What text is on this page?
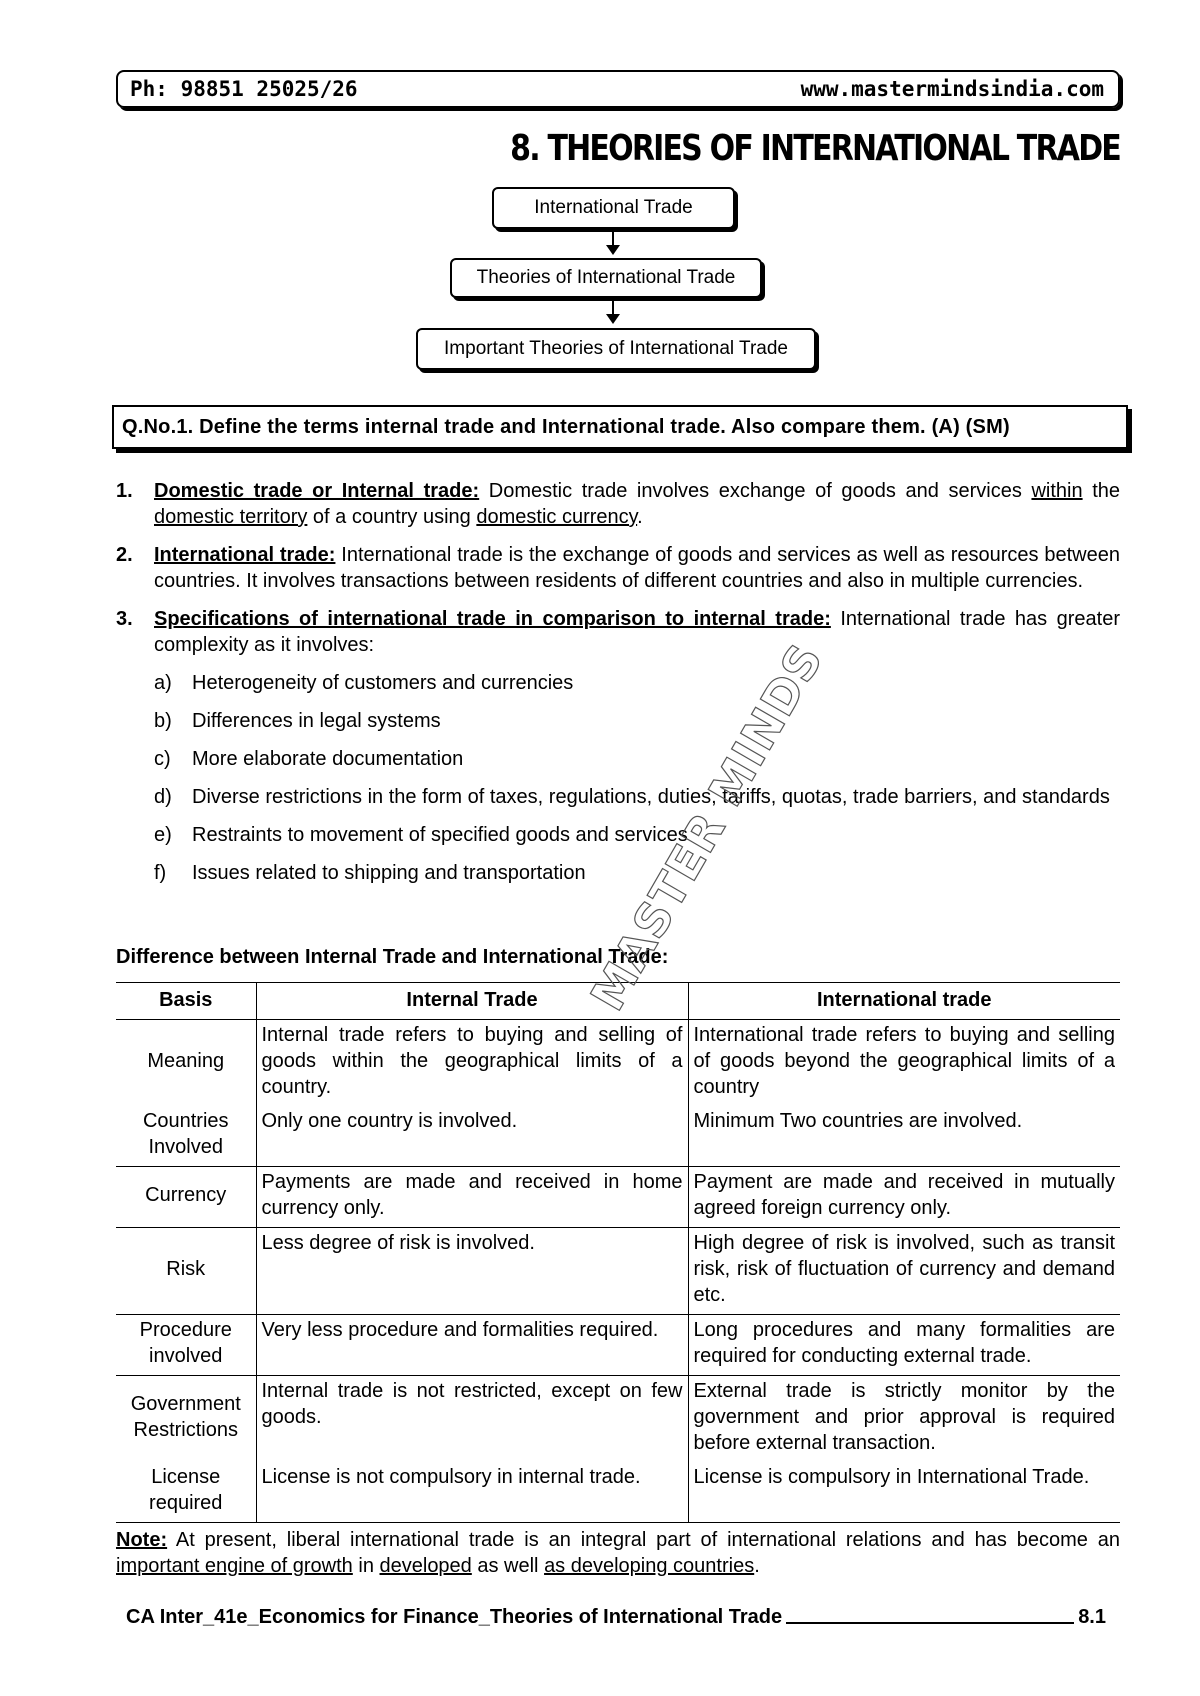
Ph: 98851 25025/26	www.mastermindsindia.com
8. THEORIES OF INTERNATIONAL TRADE
International Trade
Theories of International Trade
Important Theories of International Trade
Q.No.1. Define the terms internal trade and International trade. Also compare them. (A) (SM)
1.	Domestic trade or Internal trade: Domestic trade involves exchange of goods and services within the domestic territory of a country using domestic currency.
2.	International trade: International trade is the exchange of goods and services as well as resources between countries. It involves transactions between residents of different countries and also in multiple currencies.
3.	Specifications of international trade in comparison to internal trade: International trade has greater complexity as it involves:
a)	Heterogeneity of customers and currencies
b)	Differences in legal systems
c)	More elaborate documentation
d)	Diverse restrictions in the form of taxes, regulations, duties, tariffs, quotas, trade barriers, and standards
e)	Restraints to movement of specified goods and services
f)	Issues related to shipping and transportation
Difference between Internal Trade and International Trade:
Basis	Internal Trade	International trade
Meaning	Internal trade refers to buying and selling of goods within the geographical limits of a country.	International trade refers to buying and selling of goods beyond the geographical limits of a country
Countries Involved	Only one country is involved.	Minimum Two countries are involved.
Currency	Payments are made and received in home currency only.	Payment are made and received in mutually agreed foreign currency only.
Risk	Less degree of risk is involved.	High degree of risk is involved, such as transit risk, risk of fluctuation of currency and demand etc.
Procedure involved	Very less procedure and formalities required.	Long procedures and many formalities are required for conducting external trade.
Government Restrictions	Internal trade is not restricted, except on few goods.	External trade is strictly monitor by the government and prior approval is required before external transaction.
License required	License is not compulsory in internal trade.	License is compulsory in International Trade.
Note: At present, liberal international trade is an integral part of international relations and has become an important engine of growth in developed as well as developing countries.
CA Inter_41e_Economics for Finance_Theories of International Trade	8.1
MASTER MINDS
